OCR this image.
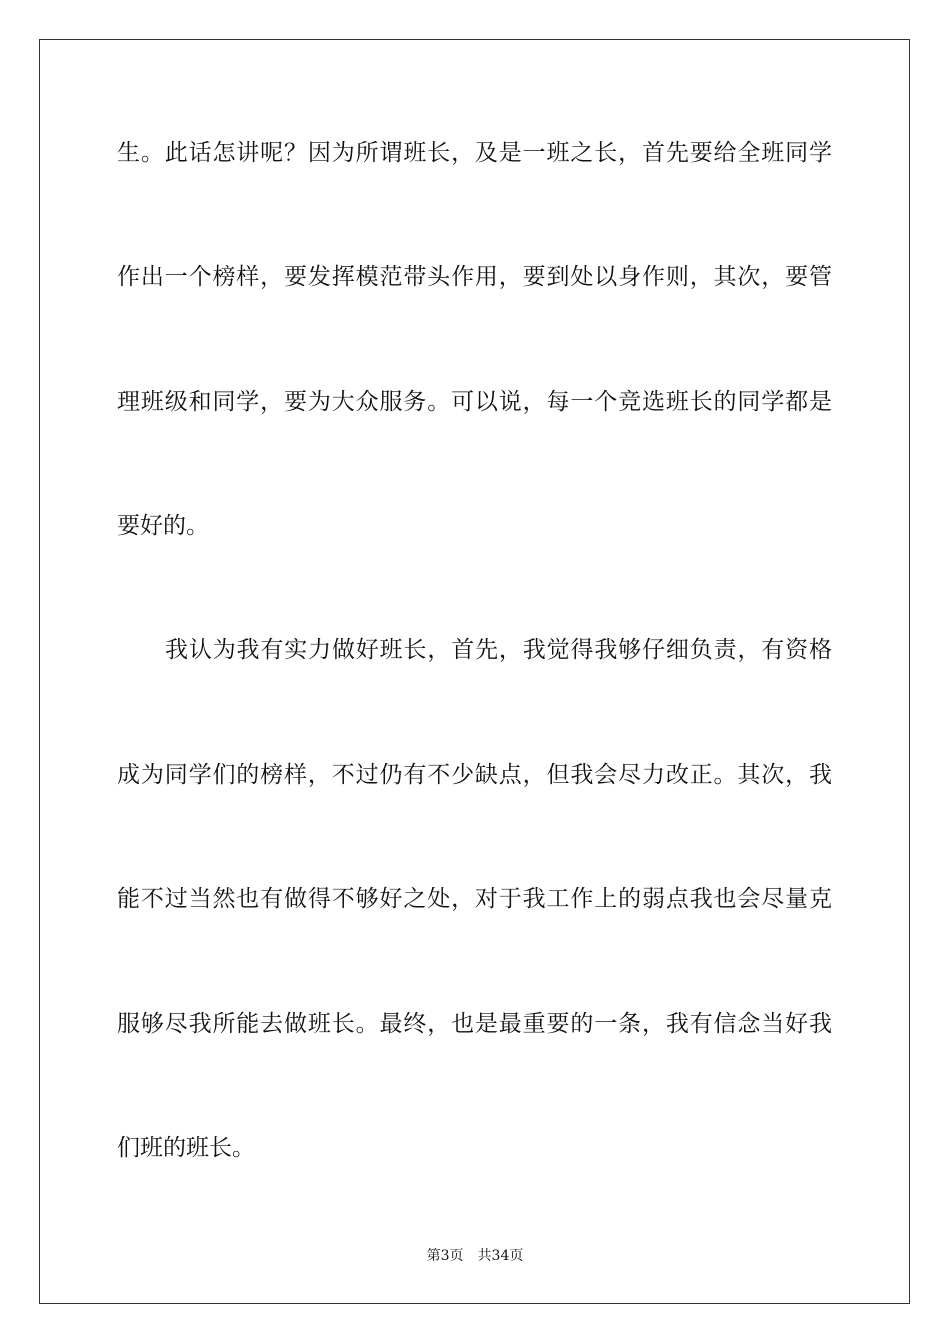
生。此话怎讲呢？因为所谓班长，及是一班之长，首先要给全班同学
作出一个榜样，要发挥模范带头作用，要到处以身作则，其次，要管
理班级和同学，要为大众服务。可以说，每一个竞选班长的同学都是
要好的。
我认为我有实力做好班长，首先，我觉得我够仔细负责，有资格
成为同学们的榜样，不过仍有不少缺点，但我会尽力改正。其次，我
能不过当然也有做得不够好之处，对于我工作上的弱点我也会尽量克
服够尽我所能去做班长。最终，也是最重要的一条，我有信念当好我
们班的班长。
第3页 共34页
